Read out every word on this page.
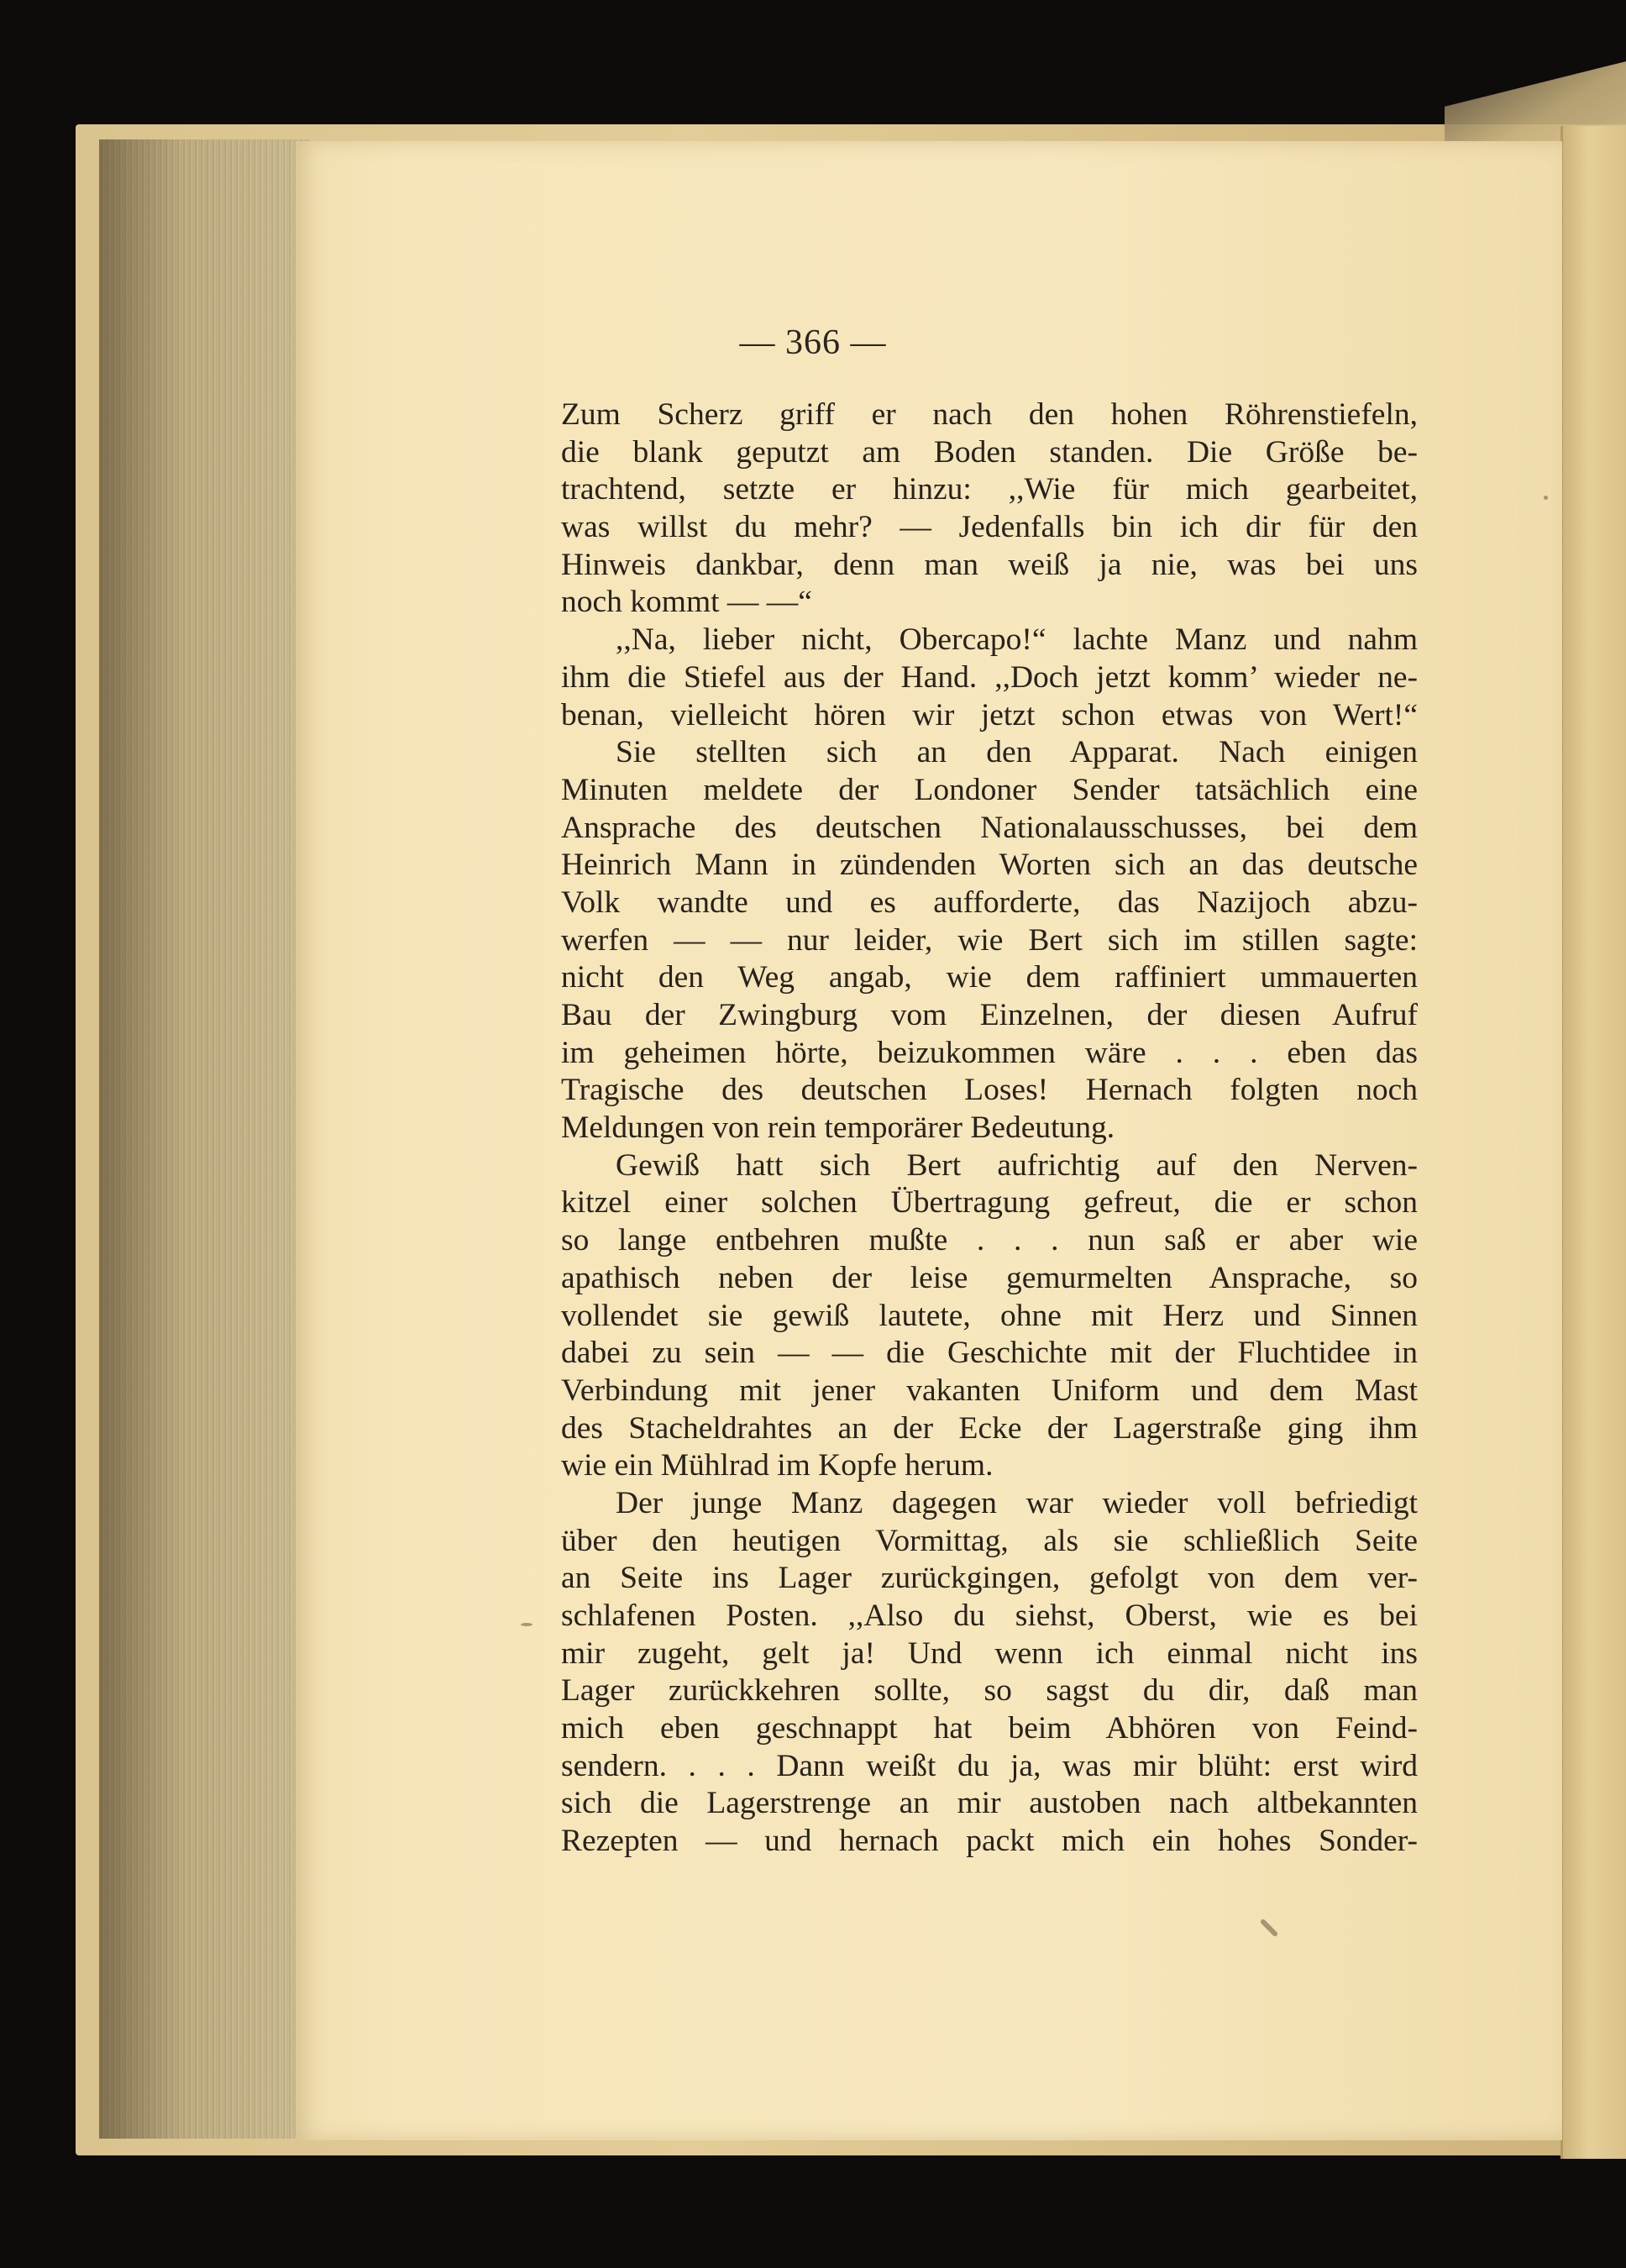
— 366 —
Zum Scherz griff er nach den hohen Röhrenstiefeln,
die blank geputzt am Boden standen. Die Größe be-
trachtend, setzte er hinzu: ,,Wie für mich gearbeitet,
was willst du mehr? — Jedenfalls bin ich dir für den
Hinweis dankbar, denn man weiß ja nie, was bei uns
noch kommt — —“
,,Na, lieber nicht, Obercapo!“ lachte Manz und nahm
ihm die Stiefel aus der Hand. ,,Doch jetzt komm’ wieder ne-
benan, vielleicht hören wir jetzt schon etwas von Wert!“
Sie stellten sich an den Apparat. Nach einigen
Minuten meldete der Londoner Sender tatsächlich eine
Ansprache des deutschen Nationalausschusses, bei dem
Heinrich Mann in zündenden Worten sich an das deutsche
Volk wandte und es aufforderte, das Nazijoch abzu-
werfen — — nur leider, wie Bert sich im stillen sagte:
nicht den Weg angab, wie dem raffiniert ummauerten
Bau der Zwingburg vom Einzelnen, der diesen Aufruf
im geheimen hörte, beizukommen wäre . . . eben das
Tragische des deutschen Loses! Hernach folgten noch
Meldungen von rein temporärer Bedeutung.
Gewiß hatt sich Bert aufrichtig auf den Nerven-
kitzel einer solchen Übertragung gefreut, die er schon
so lange entbehren mußte . . . nun saß er aber wie
apathisch neben der leise gemurmelten Ansprache, so
vollendet sie gewiß lautete, ohne mit Herz und Sinnen
dabei zu sein — — die Geschichte mit der Fluchtidee in
Verbindung mit jener vakanten Uniform und dem Mast
des Stacheldrahtes an der Ecke der Lagerstraße ging ihm
wie ein Mühlrad im Kopfe herum.
Der junge Manz dagegen war wieder voll befriedigt
über den heutigen Vormittag, als sie schließlich Seite
an Seite ins Lager zurückgingen, gefolgt von dem ver-
schlafenen Posten. ,,Also du siehst, Oberst, wie es bei
mir zugeht, gelt ja! Und wenn ich einmal nicht ins
Lager zurückkehren sollte, so sagst du dir, daß man
mich eben geschnappt hat beim Abhören von Feind-
sendern. . . . Dann weißt du ja, was mir blüht: erst wird
sich die Lagerstrenge an mir austoben nach altbekannten
Rezepten — und hernach packt mich ein hohes Sonder-
